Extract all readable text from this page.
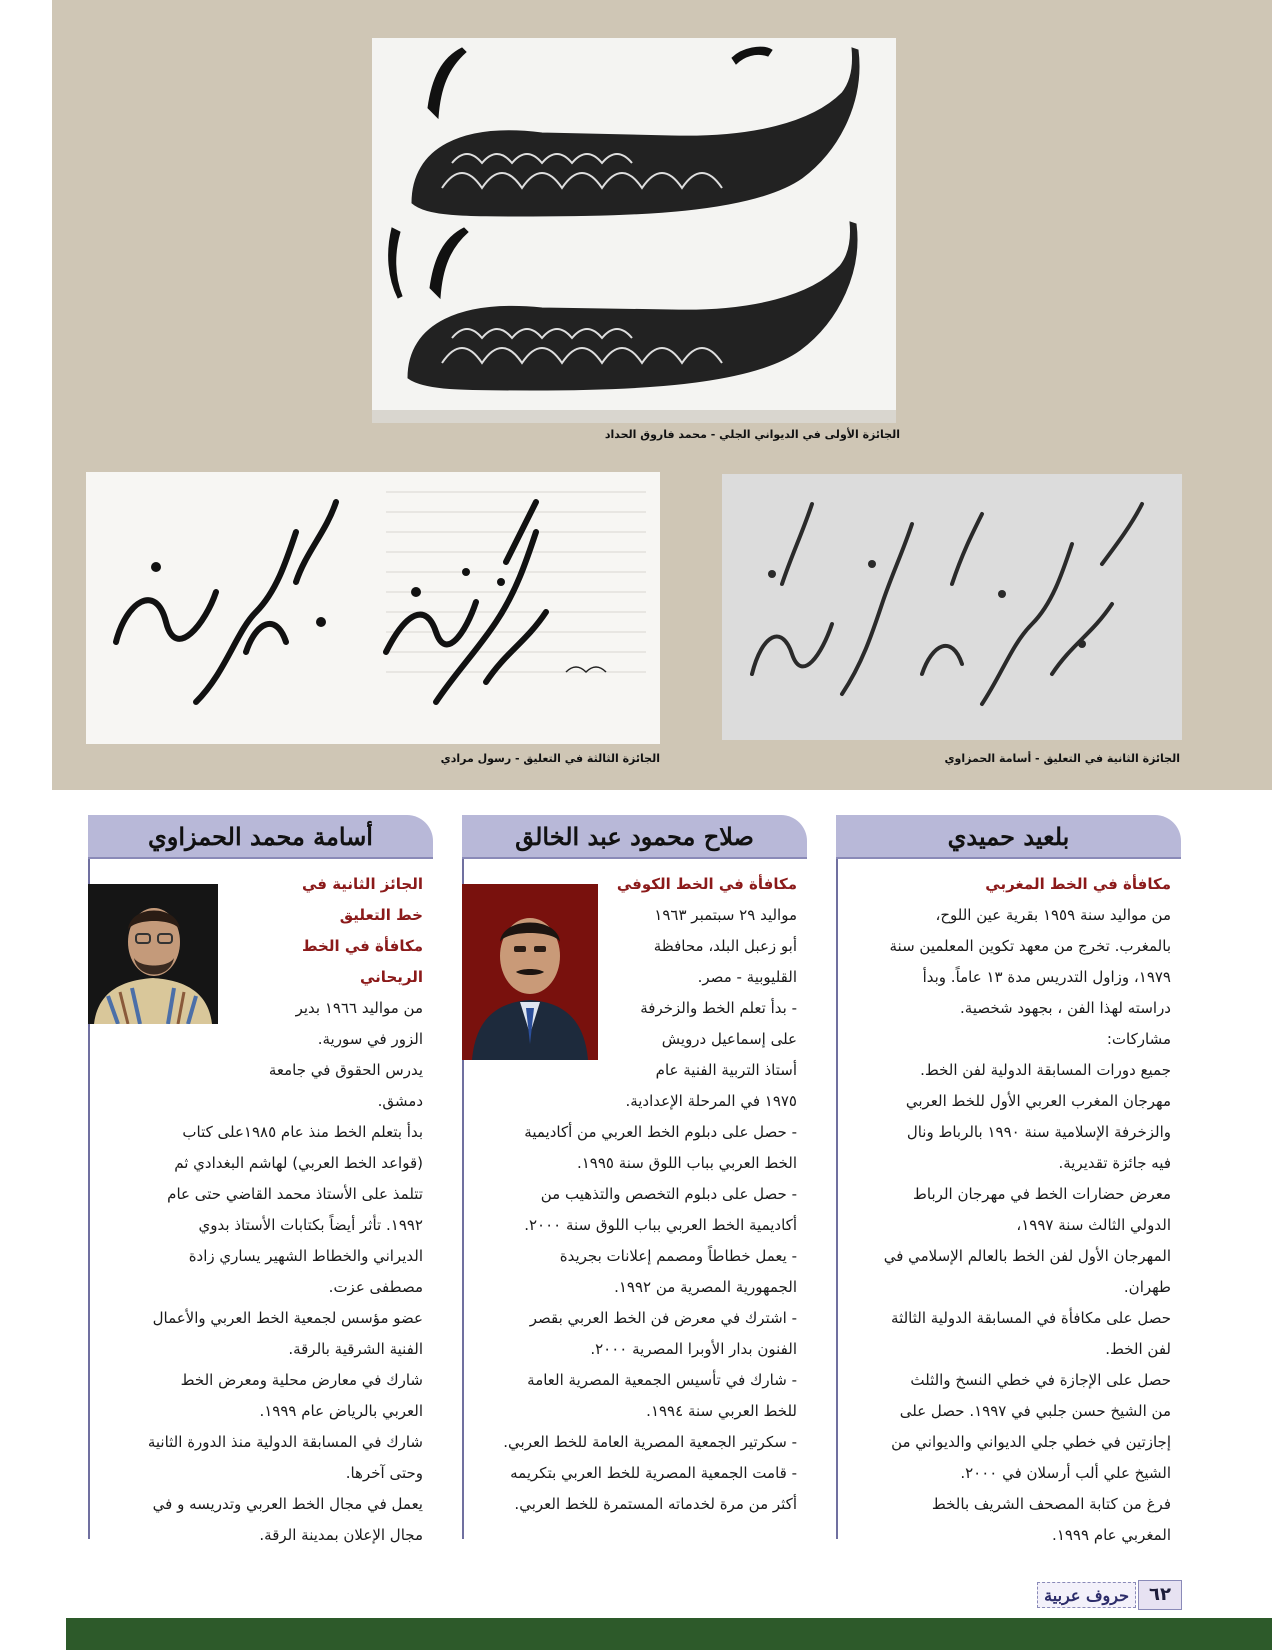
الجائزة الأولى في الديواني الجلي - محمد فاروق الحداد
الجائزة الثالثة في التعليق - رسول مرادي	الجائزة الثانية في التعليق - أسامة الحمزاوي
بلعيد حميدي
مكافأة في الخط المغربي
من مواليد سنة ١٩٥٩ بقرية عين اللوح،
بالمغرب. تخرج من معهد تكوين المعلمين سنة
١٩٧٩، وزاول التدريس مدة ١٣ عاماً. وبدأ
دراسته لهذا الفن ، بجهود شخصية.
مشاركات:
جميع دورات المسابقة الدولية لفن الخط.
مهرجان المغرب العربي الأول للخط العربي
والزخرفة الإسلامية سنة ١٩٩٠ بالرباط ونال
فيه جائزة تقديرية.
معرض حضارات الخط في مهرجان الرباط
الدولي الثالث سنة ١٩٩٧،
المهرجان الأول لفن الخط بالعالم الإسلامي في
طهران.
حصل على مكافأة في المسابقة الدولية الثالثة
لفن الخط.
حصل على الإجازة في خطي النسخ والثلث
من الشيخ حسن جلبي في ١٩٩٧. حصل على
إجازتين في خطي جلي الديواني والديواني من
الشيخ علي ألب أرسلان في ٢٠٠٠.
فرغ من كتابة المصحف الشريف بالخط
المغربي عام ١٩٩٩.
صلاح محمود عبد الخالق
مكافأة في الخط الكوفي
مواليد ٢٩ سبتمبر ١٩٦٣
أبو زعبل البلد، محافظة
القليوبية - مصر.
- بدأ تعلم الخط والزخرفة
على إسماعيل درويش
أستاذ التربية الفنية عام
١٩٧٥ في المرحلة الإعدادية.
- حصل على دبلوم الخط العربي من أكاديمية
الخط العربي بباب اللوق سنة ١٩٩٥.
- حصل على دبلوم التخصص والتذهيب من
أكاديمية الخط العربي بباب اللوق سنة ٢٠٠٠.
- يعمل خطاطاً ومصمم إعلانات بجريدة
الجمهورية المصرية من ١٩٩٢.
- اشترك في معرض فن الخط العربي بقصر
الفنون بدار الأوبرا المصرية ٢٠٠٠.
- شارك في تأسيس الجمعية المصرية العامة
للخط العربي سنة ١٩٩٤.
- سكرتير الجمعية المصرية العامة للخط العربي.
- قامت الجمعية المصرية للخط العربي بتكريمه
أكثر من مرة لخدماته المستمرة للخط العربي.
أسامة محمد الحمزاوي
الجائز الثانية في
خط التعليق
مكافأة في الخط الريحاني
من مواليد ١٩٦٦ بدير
الزور في سورية.
يدرس الحقوق في جامعة
دمشق.
بدأ بتعلم الخط منذ عام ١٩٨٥على كتاب
(قواعد الخط العربي) لهاشم البغدادي ثم
تتلمذ على الأستاذ محمد القاضي حتى عام
١٩٩٢. تأثر أيضاً بكتابات الأستاذ بدوي
الديراني والخطاط الشهير يساري زادة
مصطفى عزت.
عضو مؤسس لجمعية الخط العربي والأعمال
الفنية الشرقية بالرقة.
شارك في معارض محلية ومعرض الخط
العربي بالرياض عام ١٩٩٩.
شارك في المسابقة الدولية منذ الدورة الثانية
وحتى آخرها.
يعمل في مجال الخط العربي وتدريسه و في
مجال الإعلان بمدينة الرقة.
٦٢
حروف عربية
